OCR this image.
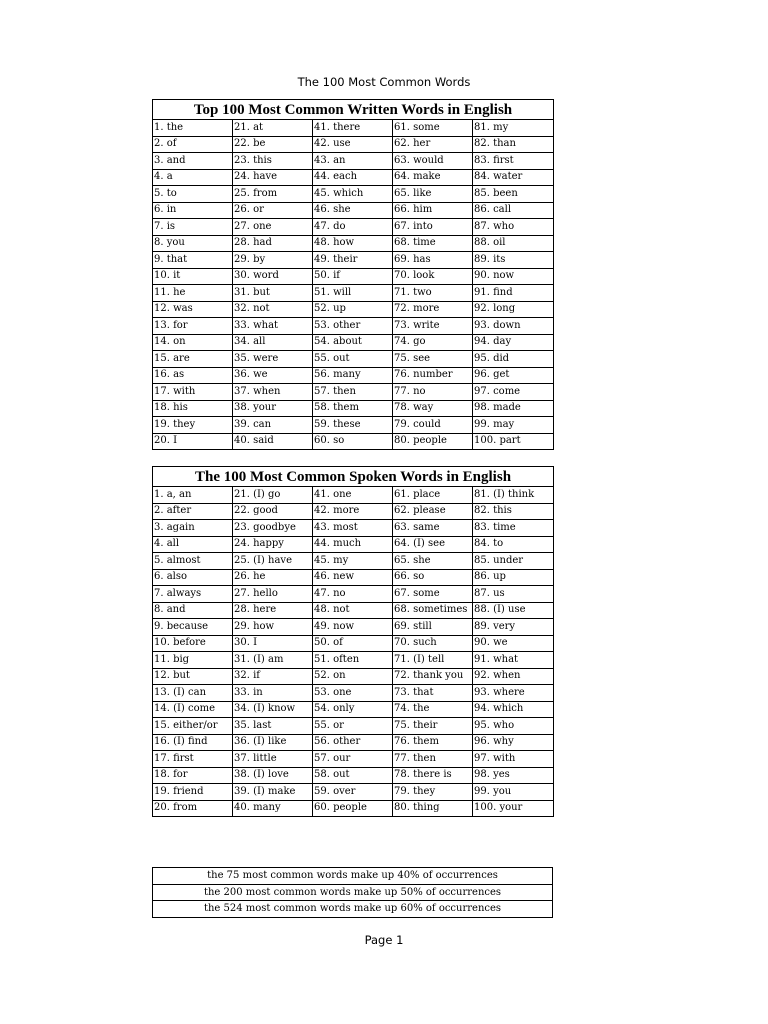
The 100 Most Common Words
Top 100 Most Common Written Words in English				
1. the	21. at	41. there	61. some	81. my
2. of	22. be	42. use	62. her	82. than
3. and	23. this	43. an	63. would	83. first
4. a	24. have	44. each	64. make	84. water
5. to	25. from	45. which	65. like	85. been
6. in	26. or	46. she	66. him	86. call
7. is	27. one	47. do	67. into	87. who
8. you	28. had	48. how	68. time	88. oil
9. that	29. by	49. their	69. has	89. its
10. it	30. word	50. if	70. look	90. now
11. he	31. but	51. will	71. two	91. find
12. was	32. not	52. up	72. more	92. long
13. for	33. what	53. other	73. write	93. down
14. on	34. all	54. about	74. go	94. day
15. are	35. were	55. out	75. see	95. did
16. as	36. we	56. many	76. number	96. get
17. with	37. when	57. then	77. no	97. come
18. his	38. your	58. them	78. way	98. made
19. they	39. can	59. these	79. could	99. may
20. I	40. said	60. so	80. people	100. part
The 100 Most Common Spoken Words in English				
1. a, an	21. (I) go	41. one	61. place	81. (I) think
2. after	22. good	42. more	62. please	82. this
3. again	23. goodbye	43. most	63. same	83. time
4. all	24. happy	44. much	64. (I) see	84. to
5. almost	25. (I) have	45. my	65. she	85. under
6. also	26. he	46. new	66. so	86. up
7. always	27. hello	47. no	67. some	87. us
8. and	28. here	48. not	68. sometimes	88. (I) use
9. because	29. how	49. now	69. still	89. very
10. before	30. I	50. of	70. such	90. we
11. big	31. (I) am	51. often	71. (I) tell	91. what
12. but	32. if	52. on	72. thank you	92. when
13. (I) can	33. in	53. one	73. that	93. where
14. (I) come	34. (I) know	54. only	74. the	94. which
15. either/or	35. last	55. or	75. their	95. who
16. (I) find	36. (I) like	56. other	76. them	96. why
17. first	37. little	57. our	77. then	97. with
18. for	38. (I) love	58. out	78. there is	98. yes
19. friend	39. (I) make	59. over	79. they	99. you
20. from	40. many	60. people	80. thing	100. your
the 75 most common words make up 40% of occurrences
the 200 most common words make up 50% of occurrences
the 524 most common words make up 60% of occurrences
Page 1
